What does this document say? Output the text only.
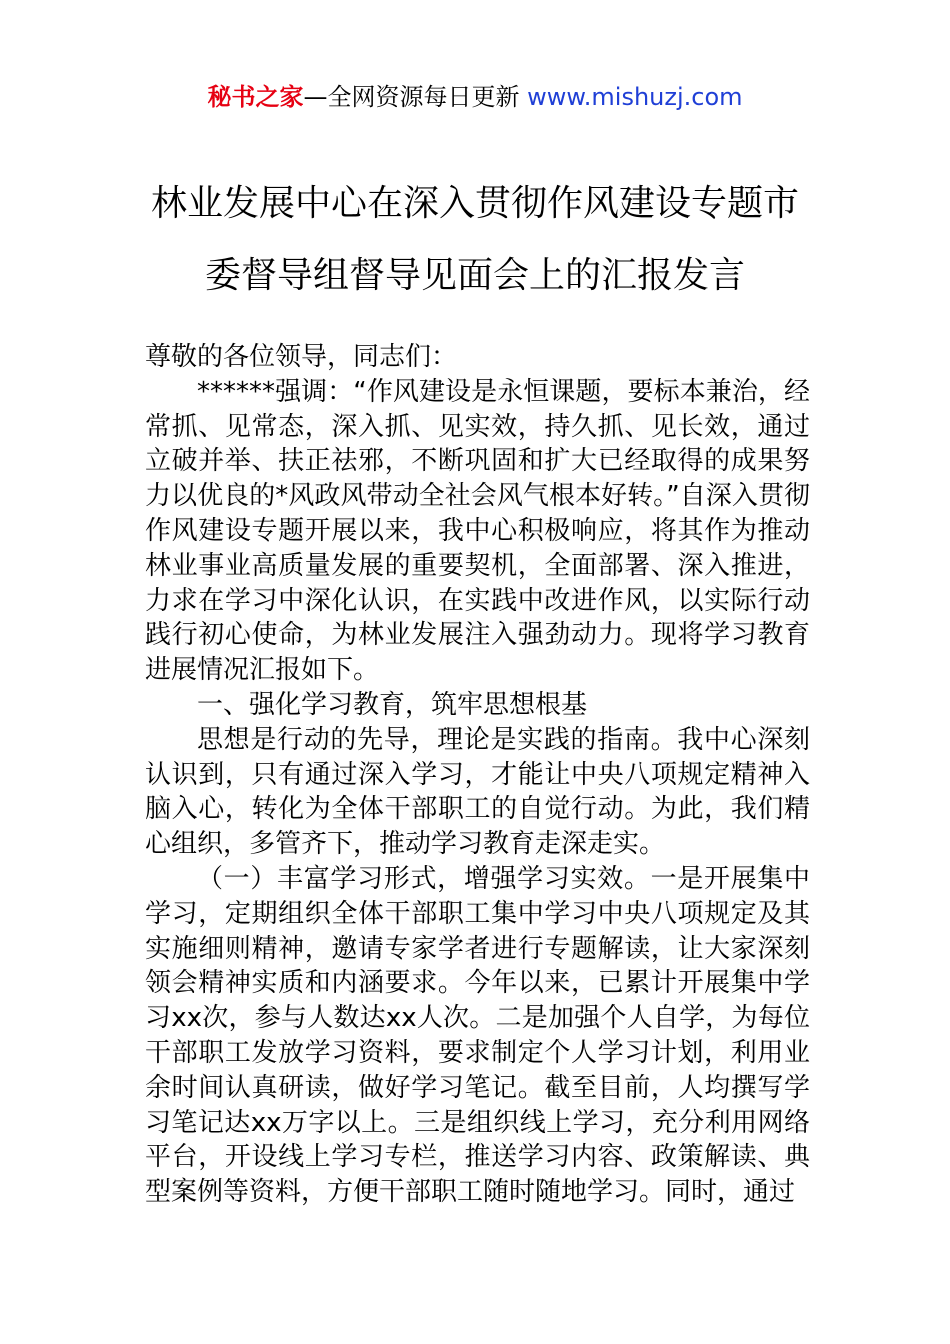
秘书之家—全网资源每日更新 www.mishuzj.com
林业发展中心在深入贯彻作风建设专题市
委督导组督导见面会上的汇报发言

尊敬的各位领导，同志们：

******强调：“作风建设是永恒课题，要标本兼治，经常抓、见常态，深入抓、见实效，持久抓、见长效，通过立破并举、扶正祛邪，不断巩固和扩大已经取得的成果努力以优良的*风政风带动全社会风气根本好转。”自深入贯彻作风建设专题开展以来，我中心积极响应，将其作为推动林业事业高质量发展的重要契机，全面部署、深入推进，力求在学习中深化认识，在实践中改进作风，以实际行动践行初心使命，为林业发展注入强劲动力。现将学习教育进展情况汇报如下。

一、强化学习教育，筑牢思想根基

思想是行动的先导，理论是实践的指南。我中心深刻认识到，只有通过深入学习，才能让中央八项规定精神入脑入心，转化为全体干部职工的自觉行动。为此，我们精心组织，多管齐下，推动学习教育走深走实。

（一）丰富学习形式，增强学习实效。一是开展集中学习，定期组织全体干部职工集中学习中央八项规定及其实施细则精神，邀请专家学者进行专题解读，让大家深刻领会精神实质和内涵要求。今年以来，已累计开展集中学习xx次，参与人数达xx人次。二是加强个人自学，为每位干部职工发放学习资料，要求制定个人学习计划，利用业余时间认真研读，做好学习笔记。截至目前，人均撰写学习笔记达xx万字以上。三是组织线上学习，充分利用网络平台，开设线上学习专栏，推送学习内容、政策解读、典型案例等资料，方便干部职工随时随地学习。同时，通过
